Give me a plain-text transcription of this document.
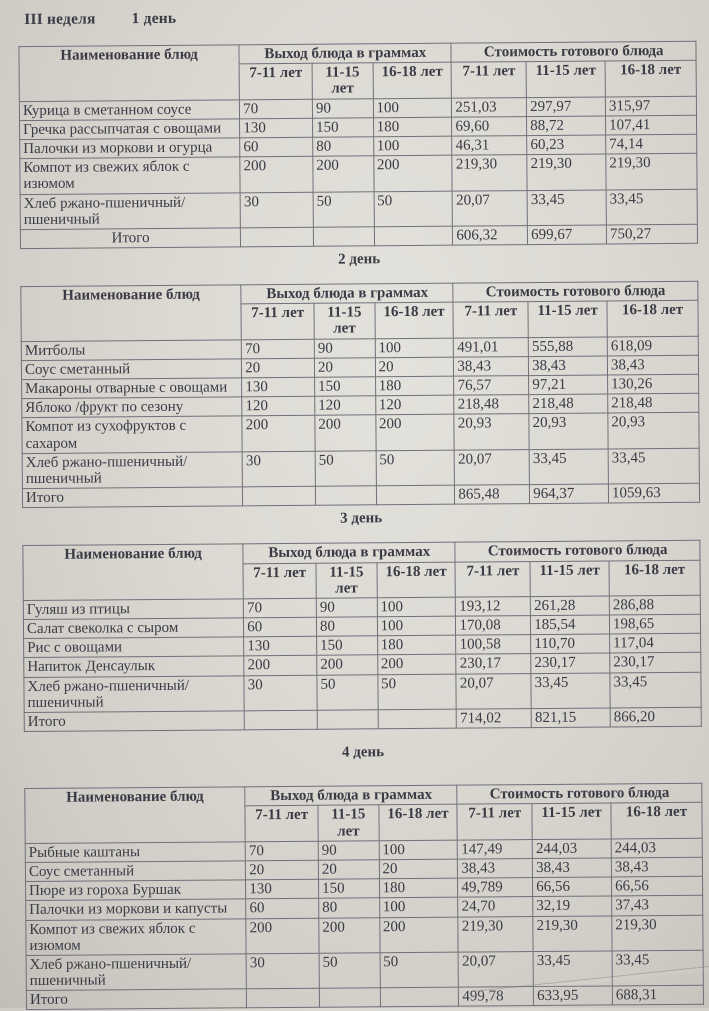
III неделя 1 день
Наименование блюд	Выход блюда в граммах			Стоимость готового блюда		
	7-11 лет	11-15 лет	16-18 лет	7-11 лет	11-15 лет	16-18 лет
Курица в сметанном соусе	70	90	100	251,03	297,97	315,97
Гречка рассыпчатая с овощами	130	150	180	69,60	88,72	107,41
Палочки из моркови и огурца	60	80	100	46,31	60,23	74,14
Компот из свежих яблок с изюмом	200	200	200	219,30	219,30	219,30
Хлеб ржано-пшеничный/пшеничный	30	50	50	20,07	33,45	33,45
Итого				606,32	699,67	750,27
2 день
Наименование блюд	Выход блюда в граммах			Стоимость готового блюда		
	7-11 лет	11-15 лет	16-18 лет	7-11 лет	11-15 лет	16-18 лет
Митболы	70	90	100	491,01	555,88	618,09
Соус сметанный	20	20	20	38,43	38,43	38,43
Макароны отварные с овощами	130	150	180	76,57	97,21	130,26
Яблоко /фрукт по сезону	120	120	120	218,48	218,48	218,48
Компот из сухофруктов с сахаром	200	200	200	20,93	20,93	20,93
Хлеб ржано-пшеничный/пшеничный	30	50	50	20,07	33,45	33,45
Итого				865,48	964,37	1059,63
3 день
Наименование блюд	Выход блюда в граммах			Стоимость готового блюда		
	7-11 лет	11-15 лет	16-18 лет	7-11 лет	11-15 лет	16-18 лет
Гуляш из птицы	70	90	100	193,12	261,28	286,88
Салат свеколка с сыром	60	80	100	170,08	185,54	198,65
Рис с овощами	130	150	180	100,58	110,70	117,04
Напиток Денсаулык	200	200	200	230,17	230,17	230,17
Хлеб ржано-пшеничный/пшеничный	30	50	50	20,07	33,45	33,45
Итого				714,02	821,15	866,20
4 день
Наименование блюд	Выход блюда в граммах			Стоимость готового блюда		
	7-11 лет	11-15 лет	16-18 лет	7-11 лет	11-15 лет	16-18 лет
Рыбные каштаны	70	90	100	147,49	244,03	244,03
Соус сметанный	20	20	20	38,43	38,43	38,43
Пюре из гороха Буршак	130	150	180	49,789	66,56	66,56
Палочки из моркови и капусты	60	80	100	24,70	32,19	37,43
Компот из свежих яблок с изюмом	200	200	200	219,30	219,30	219,30
Хлеб ржано-пшеничный/пшеничный	30	50	50	20,07	33,45	33,45
Итого				499,78	633,95	688,31
